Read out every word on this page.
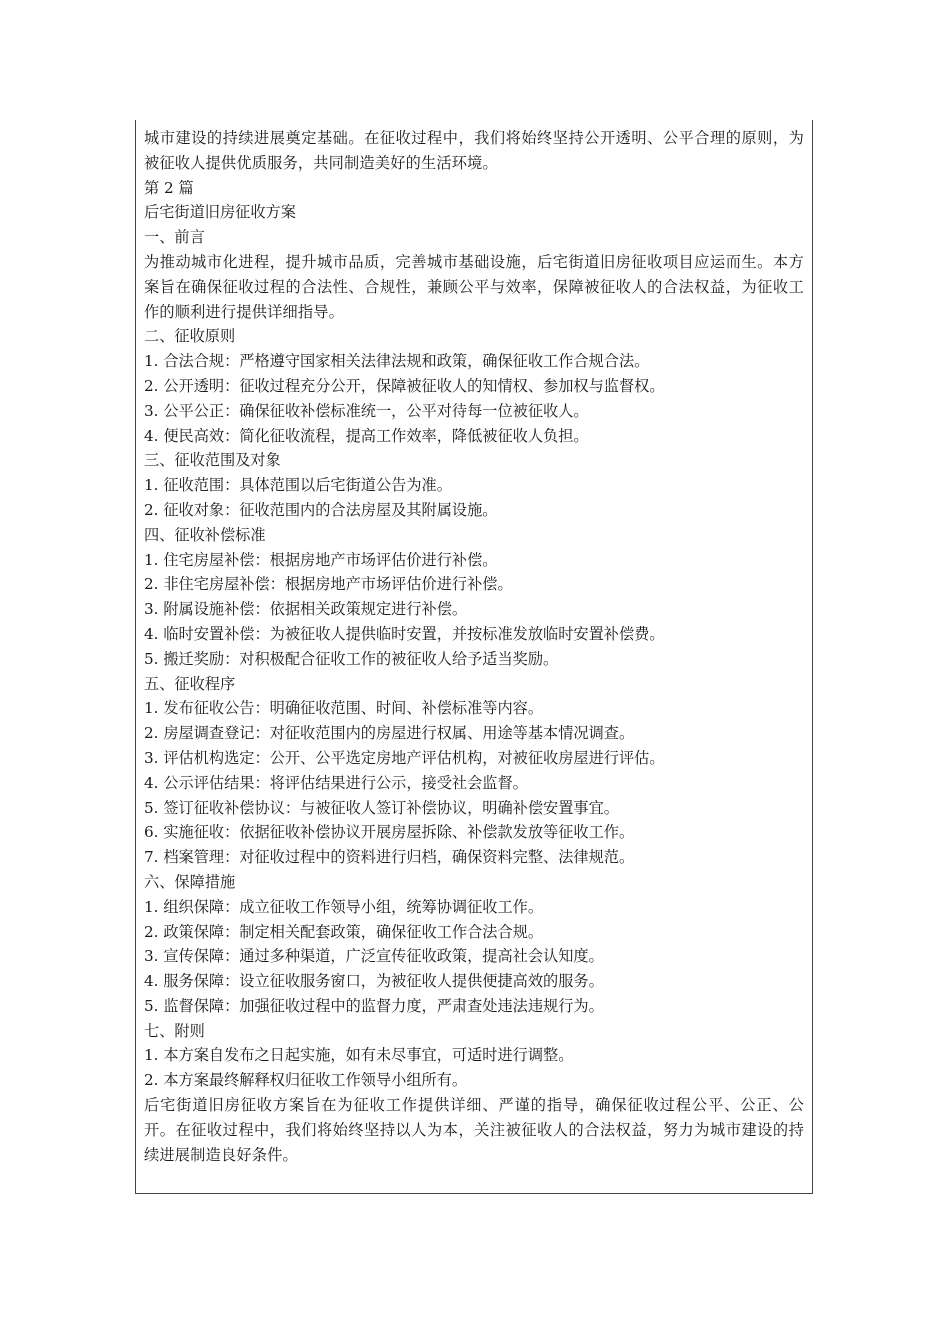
城市建设的持续进展奠定基础。在征收过程中，我们将始终坚持公开透明、公平合理的原则，为被征收人提供优质服务，共同制造美好的生活环境。

第 2 篇

后宅街道旧房征收方案

一、前言

为推动城市化进程，提升城市品质，完善城市基础设施，后宅街道旧房征收项目应运而生。本方案旨在确保征收过程的合法性、合规性，兼顾公平与效率，保障被征收人的合法权益，为征收工作的顺利进行提供详细指导。

二、征收原则

1. 合法合规：严格遵守国家相关法律法规和政策，确保征收工作合规合法。

2. 公开透明：征收过程充分公开，保障被征收人的知情权、参加权与监督权。

3. 公平公正：确保征收补偿标准统一，公平对待每一位被征收人。

4. 便民高效：简化征收流程，提高工作效率，降低被征收人负担。

三、征收范围及对象

1. 征收范围：具体范围以后宅街道公告为准。

2. 征收对象：征收范围内的合法房屋及其附属设施。

四、征收补偿标准

1. 住宅房屋补偿：根据房地产市场评估价进行补偿。

2. 非住宅房屋补偿：根据房地产市场评估价进行补偿。

3. 附属设施补偿：依据相关政策规定进行补偿。

4. 临时安置补偿：为被征收人提供临时安置，并按标准发放临时安置补偿费。

5. 搬迁奖励：对积极配合征收工作的被征收人给予适当奖励。

五、征收程序

1. 发布征收公告：明确征收范围、时间、补偿标准等内容。

2. 房屋调查登记：对征收范围内的房屋进行权属、用途等基本情况调查。

3. 评估机构选定：公开、公平选定房地产评估机构，对被征收房屋进行评估。

4. 公示评估结果：将评估结果进行公示，接受社会监督。

5. 签订征收补偿协议：与被征收人签订补偿协议，明确补偿安置事宜。

6. 实施征收：依据征收补偿协议开展房屋拆除、补偿款发放等征收工作。

7. 档案管理：对征收过程中的资料进行归档，确保资料完整、法律规范。

六、保障措施

1. 组织保障：成立征收工作领导小组，统筹协调征收工作。

2. 政策保障：制定相关配套政策，确保征收工作合法合规。

3. 宣传保障：通过多种渠道，广泛宣传征收政策，提高社会认知度。

4. 服务保障：设立征收服务窗口，为被征收人提供便捷高效的服务。

5. 监督保障：加强征收过程中的监督力度，严肃查处违法违规行为。

七、附则

1. 本方案自发布之日起实施，如有未尽事宜，可适时进行调整。

2. 本方案最终解释权归征收工作领导小组所有。

后宅街道旧房征收方案旨在为征收工作提供详细、严谨的指导，确保征收过程公平、公正、公开。在征收过程中，我们将始终坚持以人为本，关注被征收人的合法权益，努力为城市建设的持续进展制造良好条件。
